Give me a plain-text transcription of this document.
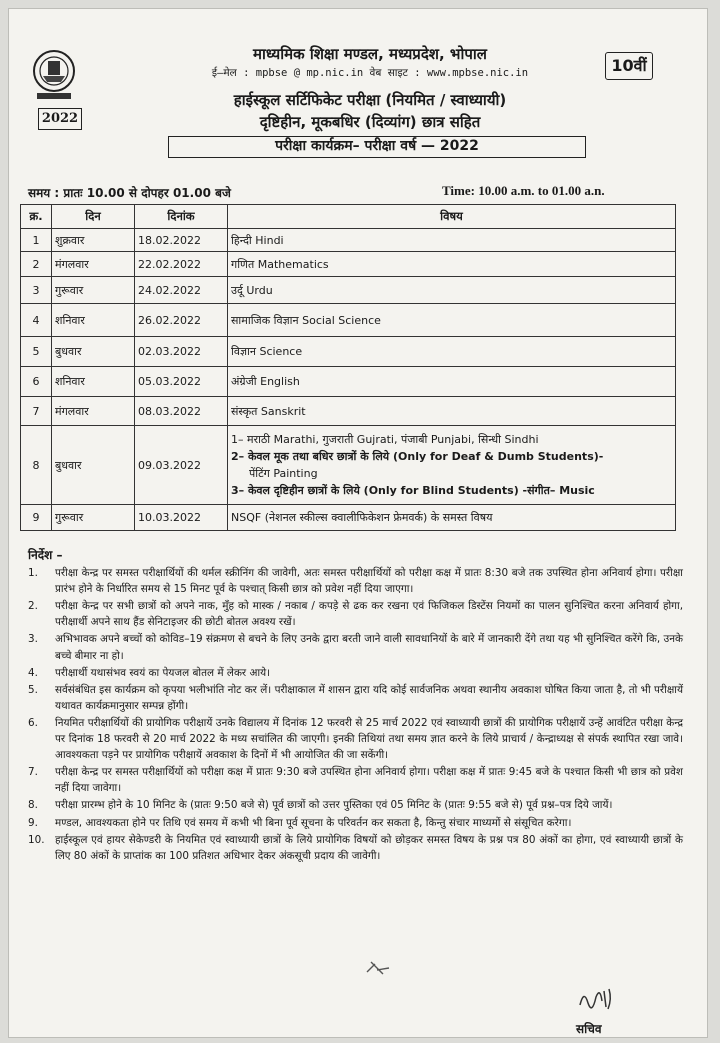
माध्यमिक शिक्षा मण्डल, मध्यप्रदेश, भोपाल
ई–मेल : mpbse @ mp.nic.in वेब साइट : www.mpbse.nic.in
हाईस्कूल सर्टिफिकेट परीक्षा (नियमित / स्वाध्यायी)
दृष्टिहीन, मूकबधिर (दिव्यांग) छात्र सहित
परीक्षा कार्यक्रम– परीक्षा वर्ष — 2022
10वीं
2022
समय : प्रातः 10.00 से दोपहर 01.00 बजे	Time: 10.00 a.m. to 01.00 a.n.
क्र.	दिन	दिनांक	विषय
1	शुक्रवार	18.02.2022	हिन्दी Hindi
2	मंगलवार	22.02.2022	गणित Mathematics
3	गुरूवार	24.02.2022	उर्दू Urdu
4	शनिवार	26.02.2022	सामाजिक विज्ञान Social Science
5	बुधवार	02.03.2022	विज्ञान Science
6	शनिवार	05.03.2022	अंग्रेजी English
7	मंगलवार	08.03.2022	संस्कृत Sanskrit
8	बुधवार	09.03.2022	1– मराठी Marathi, गुजराती Gujrati, पंजाबी Punjabi, सिन्धी Sindhi
2– केवल मूक तथा बधिर छात्रों के लिये (Only for Deaf & Dumb Students)-
पेंटिंग Painting
3– केवल दृष्टिहीन छात्रों के लिये (Only for Blind Students) -संगीत– Music

9	गुरूवार	10.03.2022	NSQF (नेशनल स्कील्स क्वालीफिकेशन फ्रेमवर्क) के समस्त विषय
निर्देश –
1. परीक्षा केन्द्र पर समस्त परीक्षार्थियों की थर्मल स्क्रीनिंग की जावेगी, अतः समस्त परीक्षार्थियों को परीक्षा कक्ष में प्रातः 8:30 बजे तक उपस्थित होना अनिवार्य होगा। परीक्षा प्रारंभ होने के निर्धारित समय से 15 मिनट पूर्व के पश्चात् किसी छात्र को प्रवेश नहीं दिया जाएगा।
2. परीक्षा केन्द्र पर सभी छात्रों को अपने नाक, मुँह को मास्क / नकाब / कपड़े से ढक कर रखना एवं फिजिकल डिस्टेंस नियमों का पालन सुनिश्चित करना अनिवार्य होगा, परीक्षार्थी अपने साथ हैंड सेनिटाइजर की छोटी बोतल अवश्य रखें।
3. अभिभावक अपने बच्चों को कोविड–19 संक्रमण से बचने के लिए उनके द्वारा बरती जाने वाली सावधानियों के बारे में जानकारी देंगे तथा यह भी सुनिश्चित करेंगे कि, उनके बच्चे बीमार ना हो।
4. परीक्षार्थी यथासंभव स्वयं का पेयजल बोतल में लेकर आये।
5. सर्वसंबंधित इस कार्यक्रम को कृपया भलीभांति नोट कर लें। परीक्षाकाल में शासन द्वारा यदि कोई सार्वजनिक अथवा स्थानीय अवकाश घोषित किया जाता है, तो भी परीक्षायें यथावत कार्यक्रमानुसार सम्पन्न होंगी।
6. नियमित परीक्षार्थियों की प्रायोगिक परीक्षायें उनके विद्यालय में दिनांक 12 फरवरी से 25 मार्च 2022 एवं स्वाध्यायी छात्रों की प्रायोगिक परीक्षायें उन्हें आवंटित परीक्षा केन्द्र पर दिनांक 18 फरवरी से 20 मार्च 2022 के मध्य सचांलित की जाएगी। इनकी तिथियां तथा समय ज्ञात करने के लिये प्राचार्य / केन्द्राध्यक्ष से संपर्क स्थापित रखा जावे। आवश्यकता पड़ने पर प्रायोगिक परीक्षायें अवकाश के दिनों में भी आयोजित की जा सकेंगी।
7. परीक्षा केन्द्र पर समस्त परीक्षार्थियों को परीक्षा कक्ष में प्रातः 9:30 बजे उपस्थित होना अनिवार्य होगा। परीक्षा कक्ष में प्रातः 9:45 बजे के पश्चात किसी भी छात्र को प्रवेश नहीं दिया जावेगा।
8. परीक्षा प्रारम्भ होने के 10 मिनिट के (प्रातः 9:50 बजे से) पूर्व छात्रों को उत्तर पुस्तिका एवं 05 मिनिट के (प्रातः 9:55 बजे से) पूर्व प्रश्न–पत्र दिये जायें।
9. मण्डल, आवश्यकता होने पर तिथि एवं समय में कभी भी बिना पूर्व सूचना के परिवर्तन कर सकता है, किन्तु संचार माध्यमों से संसूचित करेगा।
10. हाईस्कूल एवं हायर सेकेण्डरी के नियमित एवं स्वाध्यायी छात्रों के लिये प्रायोगिक विषयों को छोड़कर समस्त विषय के प्रश्न पत्र 80 अंकों का होगा, एवं स्वाध्यायी छात्रों के लिए 80 अंकों के प्राप्तांक का 100 प्रतिशत अधिभार देकर अंकसूची प्रदाय की जावेगी।
सचिव
